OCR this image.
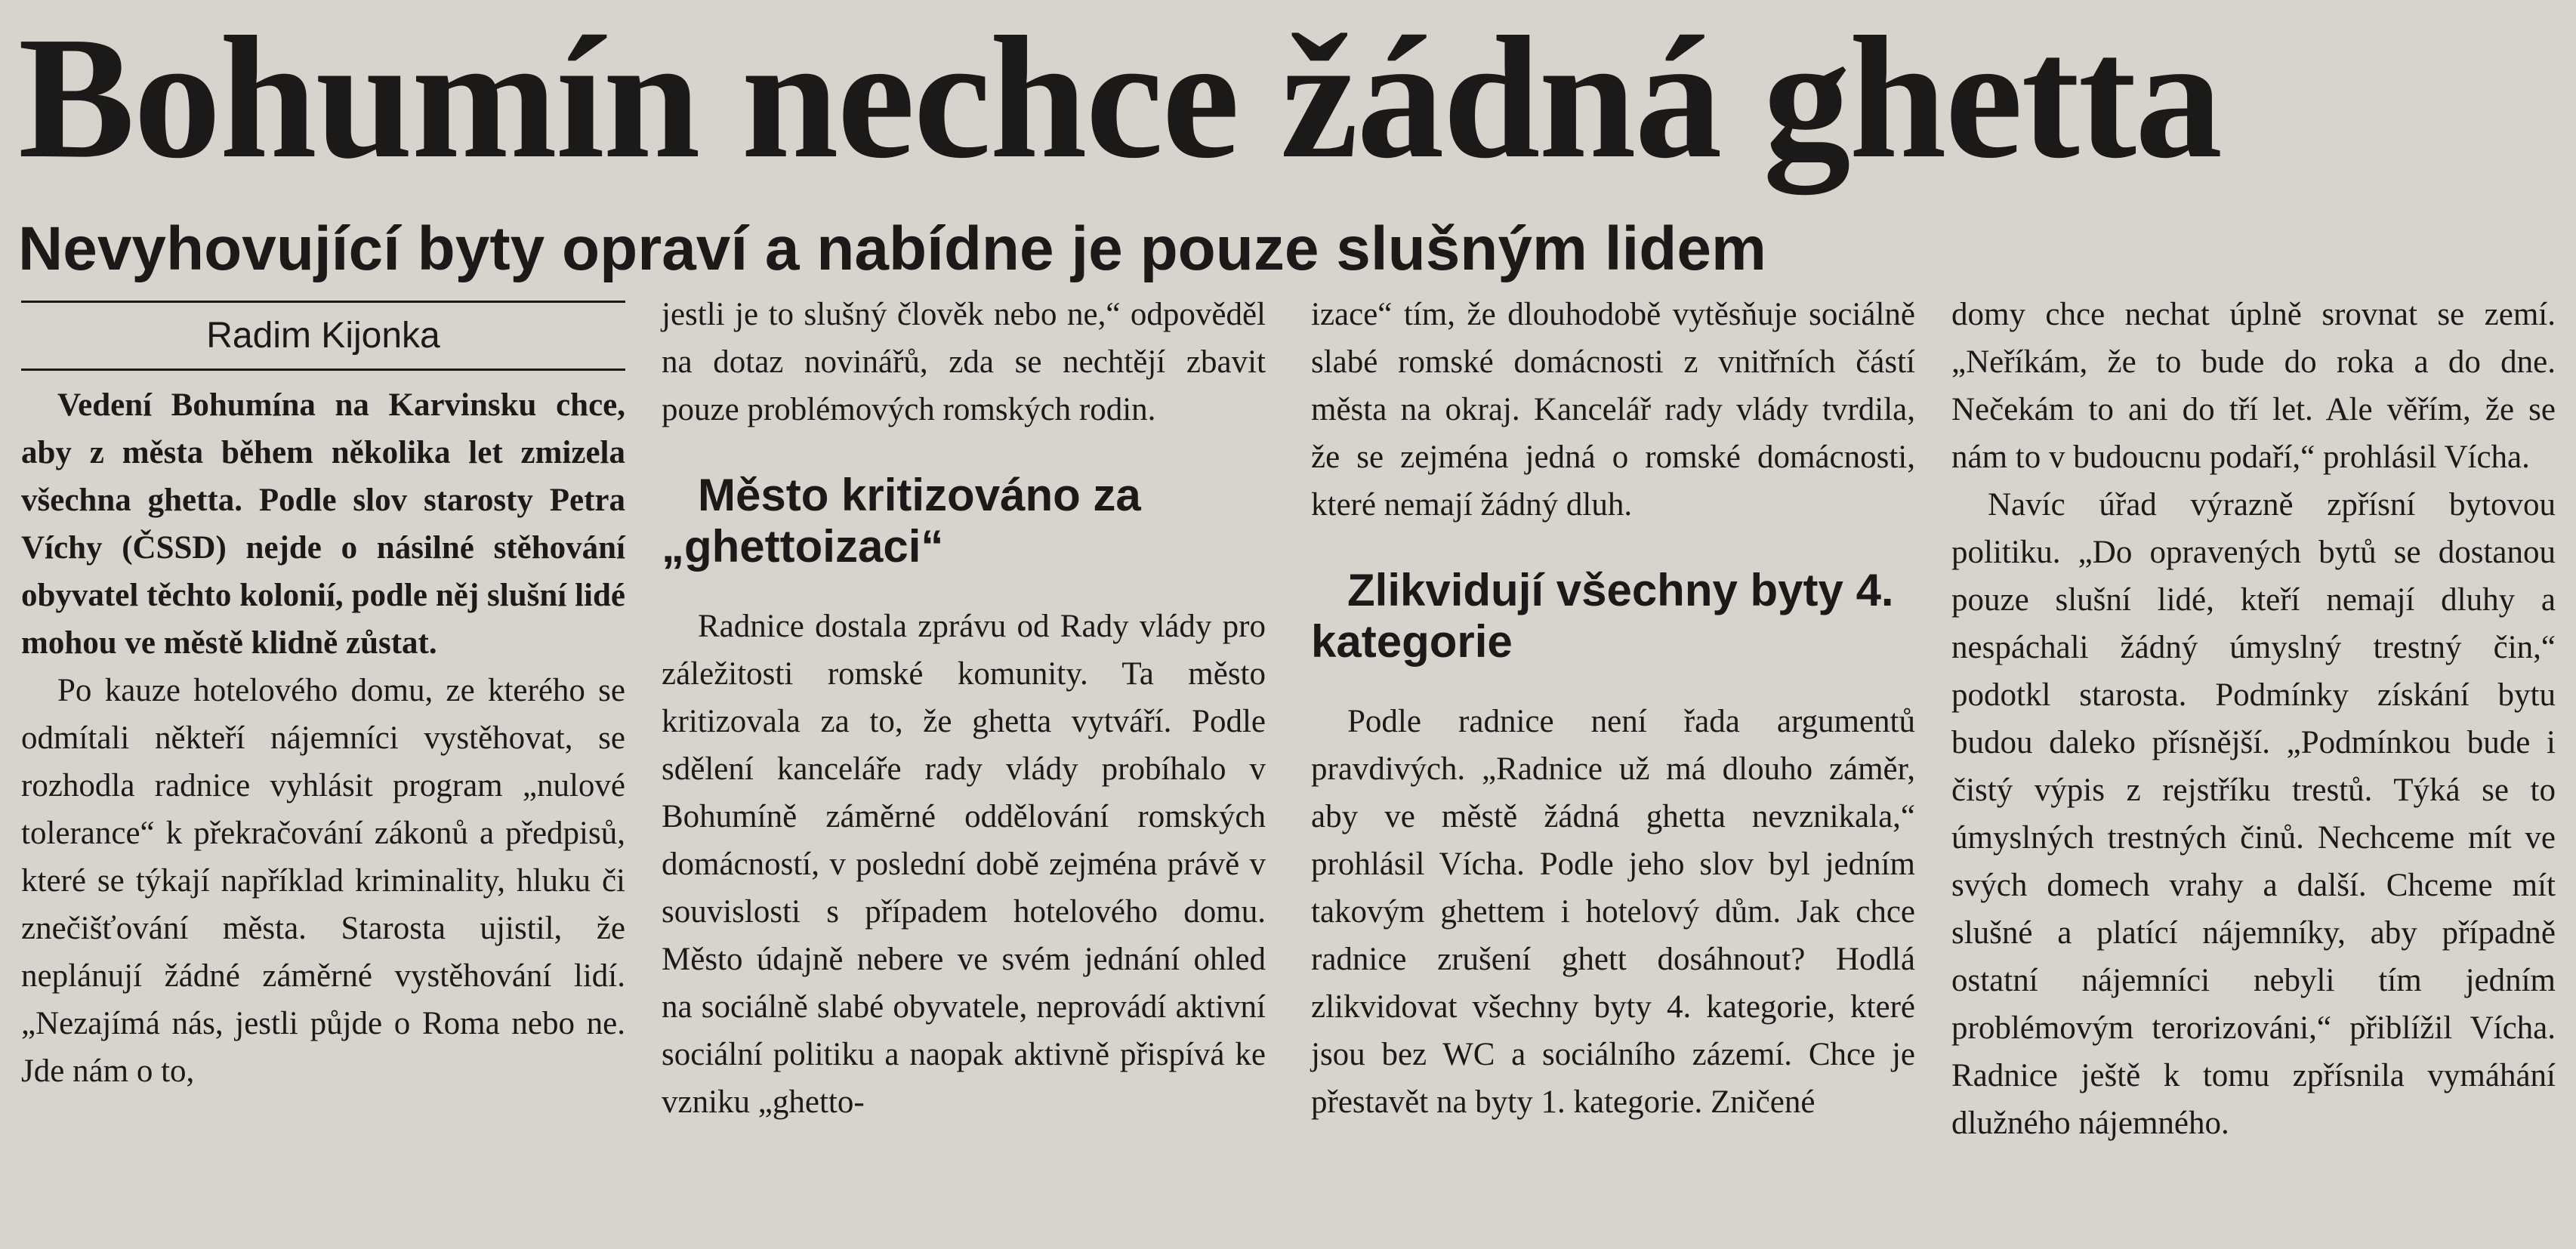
Bohumín nechce žádná ghetta
Nevyhovující byty opraví a nabídne je pouze slušným lidem
Radim Kijonka

Vedení Bohumína na Karvinsku chce, aby z města během několika let zmizela všechna ghetta. Podle slov starosty Petra Víchy (ČSSD) nejde o násilné stěhování obyvatel těchto kolonií, podle něj slušní lidé mohou ve městě klidně zůstat.

Po kauze hotelového domu, ze kterého se odmítali někteří nájemníci vystěhovat, se rozhodla radnice vyhlásit program „nulové tolerance“ k překračování zákonů a předpisů, které se týkají například kriminality, hluku či znečišťování města. Starosta ujistil, že neplánují žádné záměrné vystěhování lidí. „Nezajímá nás, jestli půjde o Roma nebo ne. Jde nám o to,

jestli je to slušný člověk nebo ne,“ odpověděl na dotaz novinářů, zda se nechtějí zbavit pouze problémových romských rodin.

Město kritizováno za „ghettoizaci“

Radnice dostala zprávu od Rady vlády pro záležitosti romské komunity. Ta město kritizovala za to, že ghetta vytváří. Podle sdělení kanceláře rady vlády probíhalo v Bohumíně záměrné oddělování romských domácností, v poslední době zejména právě v souvislosti s případem hotelového domu. Město údajně nebere ve svém jednání ohled na sociálně slabé obyvatele, neprovádí aktivní sociální politiku a naopak aktivně přispívá ke vzniku „ghetto-

izace“ tím, že dlouhodobě vytěsňuje sociálně slabé romské domácnosti z vnitřních částí města na okraj. Kancelář rady vlády tvrdila, že se zejména jedná o romské domácnosti, které nemají žádný dluh.

Zlikvidují všechny byty 4. kategorie

Podle radnice není řada argumentů pravdivých. „Radnice už má dlouho záměr, aby ve městě žádná ghetta nevznikala,“ prohlásil Vícha. Podle jeho slov byl jedním takovým ghettem i hotelový dům. Jak chce radnice zrušení ghett dosáhnout? Hodlá zlikvidovat všechny byty 4. kategorie, které jsou bez WC a sociálního zázemí. Chce je přestavět na byty 1. kategorie. Zničené

domy chce nechat úplně srovnat se zemí. „Neříkám, že to bude do roka a do dne. Nečekám to ani do tří let. Ale věřím, že se nám to v budoucnu podaří,“ prohlásil Vícha.

Navíc úřad výrazně zpřísní bytovou politiku. „Do opravených bytů se dostanou pouze slušní lidé, kteří nemají dluhy a nespáchali žádný úmyslný trestný čin,“ podotkl starosta. Podmínky získání bytu budou daleko přísnější. „Podmínkou bude i čistý výpis z rejstříku trestů. Týká se to úmyslných trestných činů. Nechceme mít ve svých domech vrahy a další. Chceme mít slušné a platící nájemníky, aby případně ostatní nájemníci nebyli tím jedním problémovým terorizováni,“ přiblížil Vícha. Radnice ještě k tomu zpřísnila vymáhání dlužného nájemného.
